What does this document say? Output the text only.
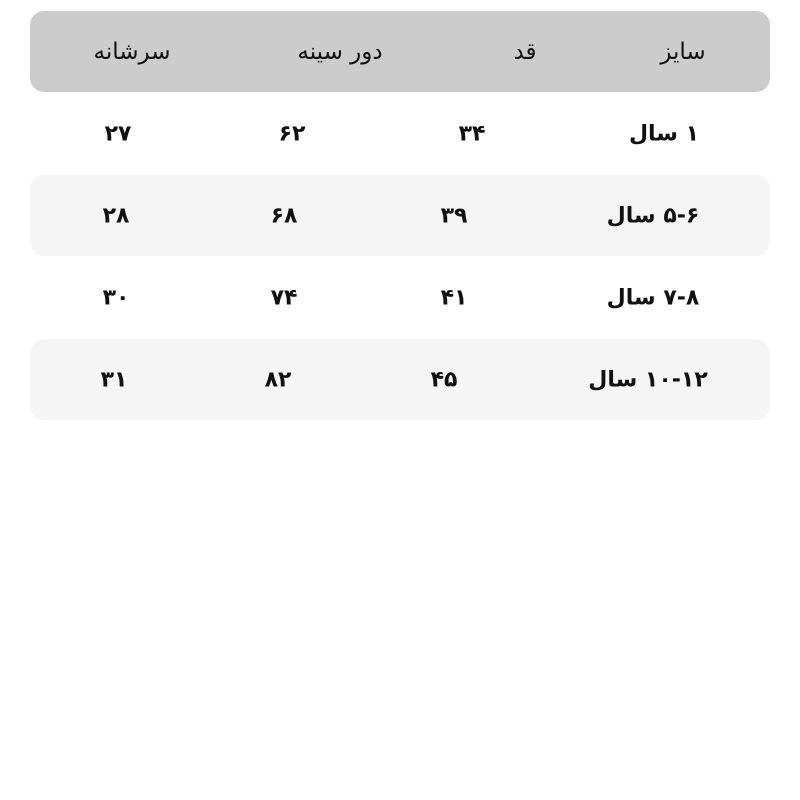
سایز
قد
دور سینه
سرشانه
۱ سال
۳۴
۶۲
۲۷
۵-۶ سال
۳۹
۶۸
۲۸
۷-۸ سال
۴۱
۷۴
۳۰
۱۰-۱۲ سال
۴۵
۸۲
۳۱
